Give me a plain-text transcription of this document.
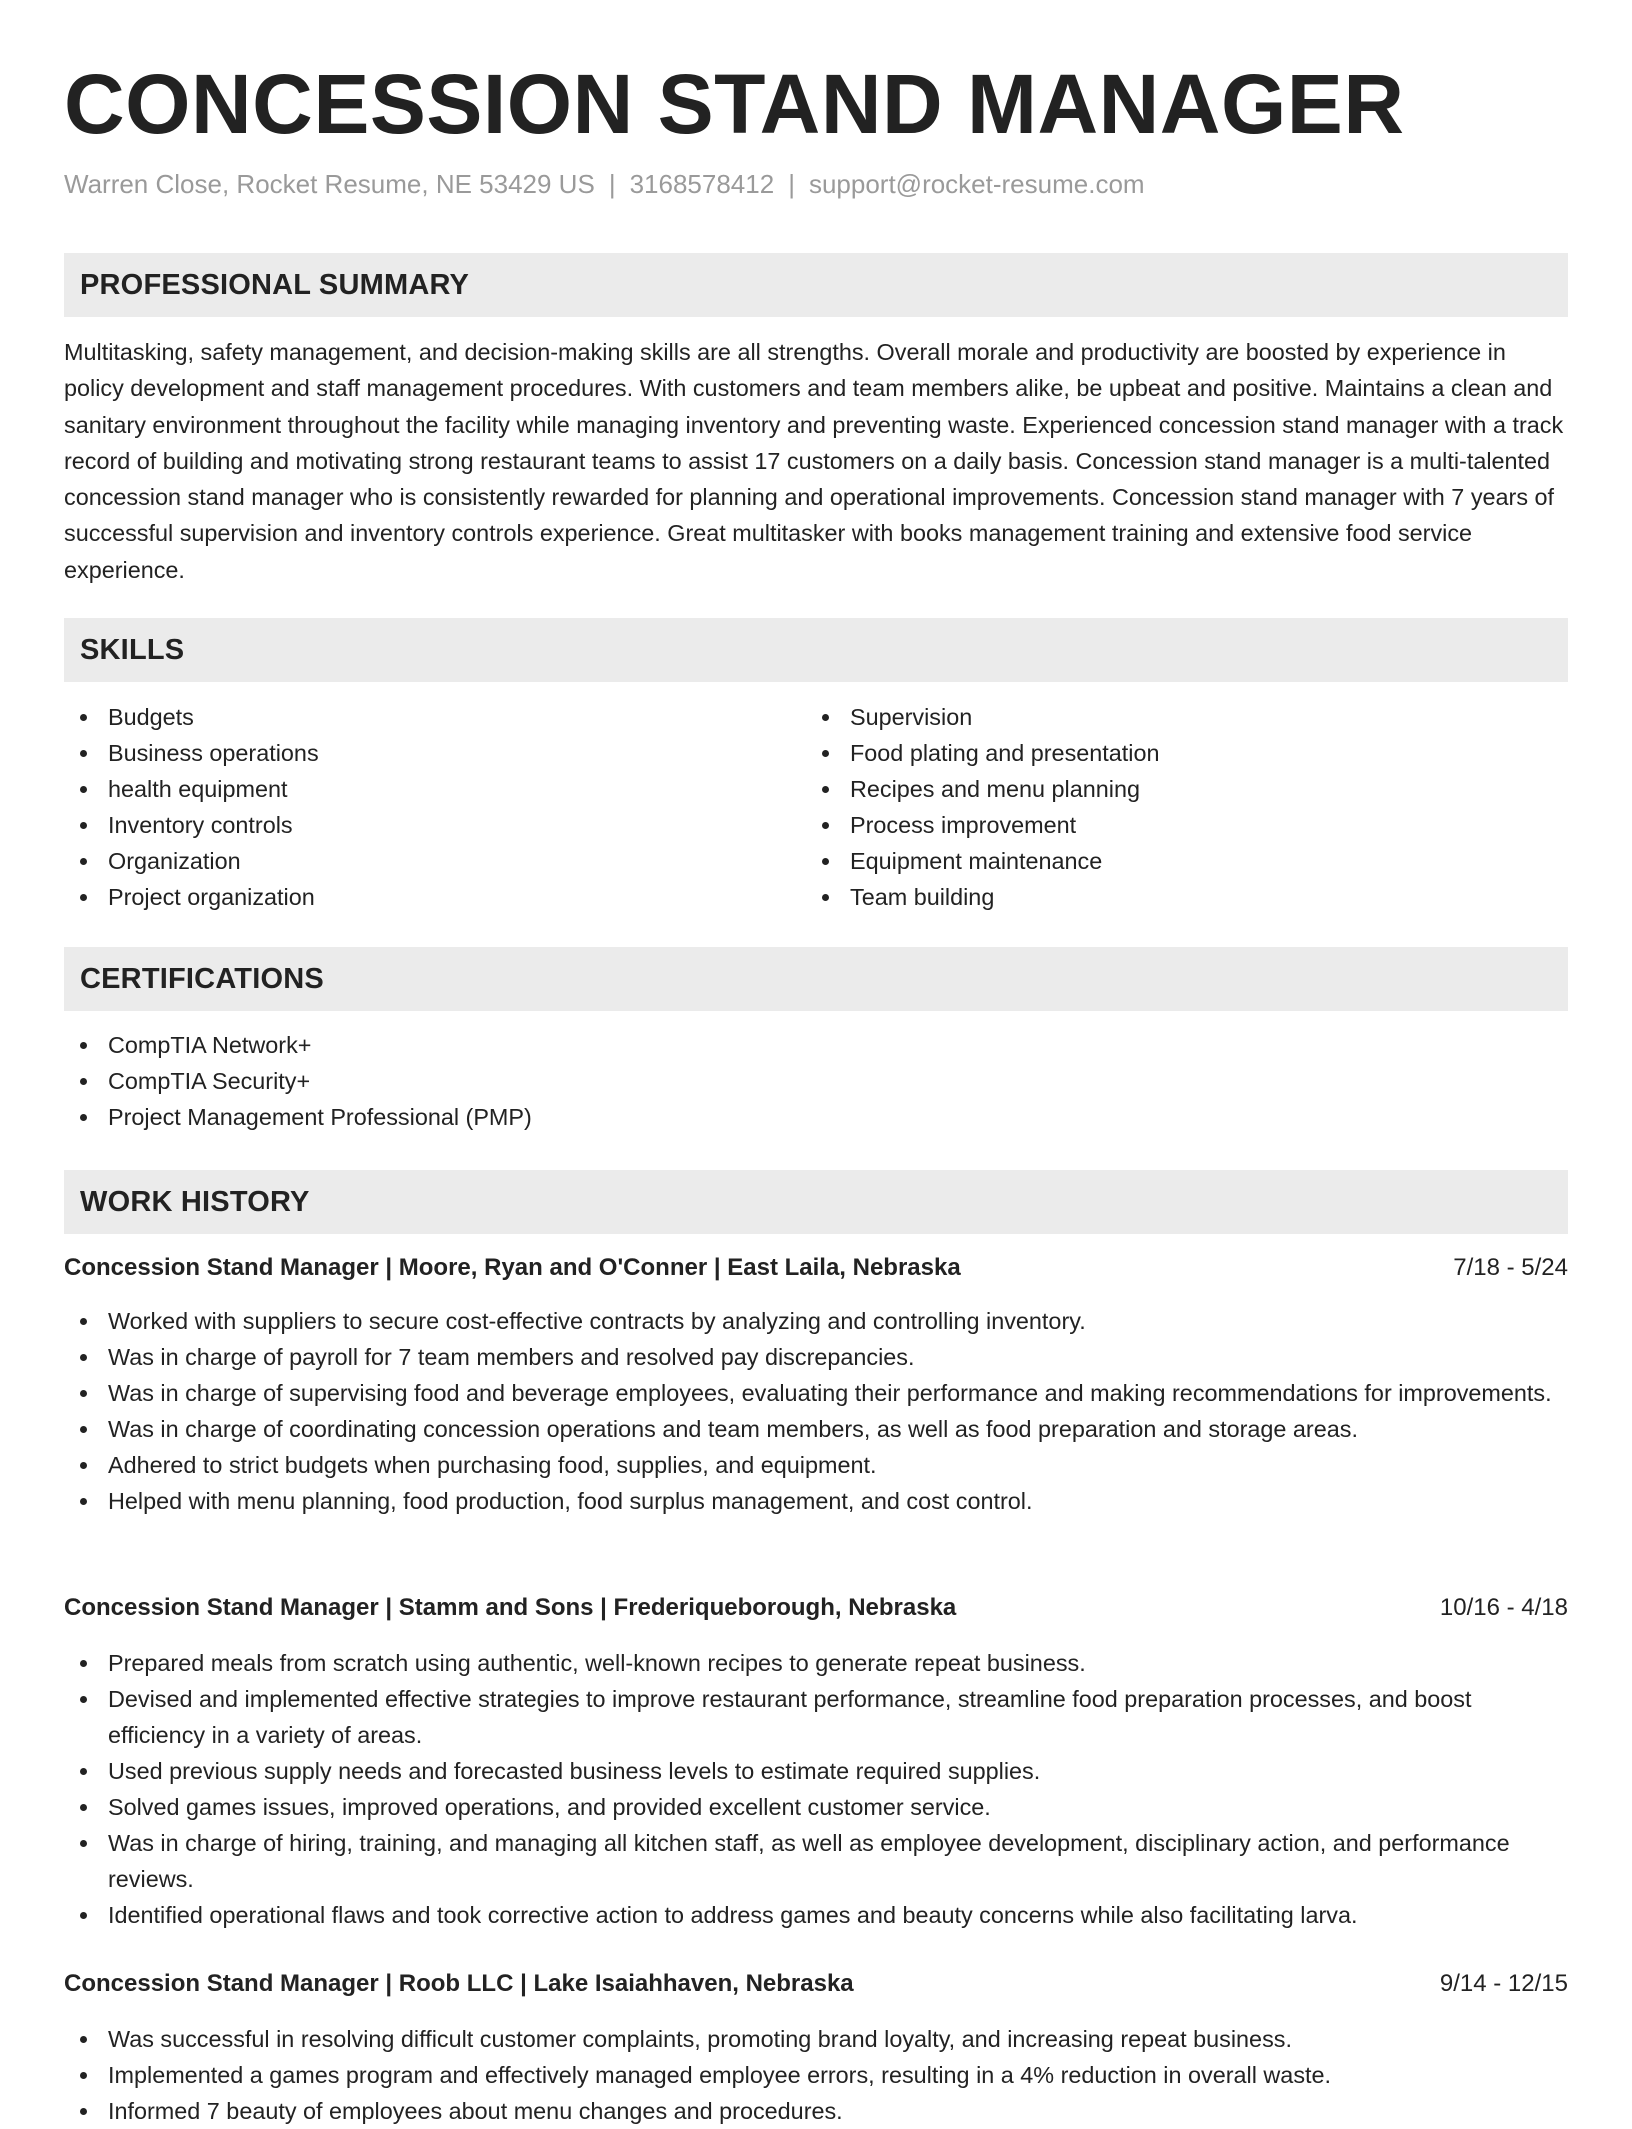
CONCESSION STAND MANAGER
Warren Close, Rocket Resume, NE 53429 US | 3168578412 | support@rocket-resume.com
PROFESSIONAL SUMMARY

Multitasking, safety management, and decision-making skills are all strengths. Overall morale and productivity are boosted by experience in policy development and staff management procedures. With customers and team members alike, be upbeat and positive. Maintains a clean and sanitary environment throughout the facility while managing inventory and preventing waste. Experienced concession stand manager with a track record of building and motivating strong restaurant teams to assist 17 customers on a daily basis. Concession stand manager is a multi-talented concession stand manager who is consistently rewarded for planning and operational improvements. Concession stand manager with 7 years of successful supervision and inventory controls experience. Great multitasker with books management training and extensive food service experience.

SKILLS
Budgets
Business operations
health equipment
Inventory controls
Organization
Project organization
Supervision
Food plating and presentation
Recipes and menu planning
Process improvement
Equipment maintenance
Team building
CERTIFICATIONS
CompTIA Network+
CompTIA Security+
Project Management Professional (PMP)
WORK HISTORY
Concession Stand Manager | Moore, Ryan and O'Conner | East Laila, Nebraska	7/18 - 5/24
Worked with suppliers to secure cost-effective contracts by analyzing and controlling inventory.
Was in charge of payroll for 7 team members and resolved pay discrepancies.
Was in charge of supervising food and beverage employees, evaluating their performance and making recommendations for improvements.
Was in charge of coordinating concession operations and team members, as well as food preparation and storage areas.
Adhered to strict budgets when purchasing food, supplies, and equipment.
Helped with menu planning, food production, food surplus management, and cost control.
Concession Stand Manager | Stamm and Sons | Frederiqueborough, Nebraska	10/16 - 4/18
Prepared meals from scratch using authentic, well-known recipes to generate repeat business.
Devised and implemented effective strategies to improve restaurant performance, streamline food preparation processes, and boost efficiency in a variety of areas.
Used previous supply needs and forecasted business levels to estimate required supplies.
Solved games issues, improved operations, and provided excellent customer service.
Was in charge of hiring, training, and managing all kitchen staff, as well as employee development, disciplinary action, and performance reviews.
Identified operational flaws and took corrective action to address games and beauty concerns while also facilitating larva.
Concession Stand Manager | Roob LLC | Lake Isaiahhaven, Nebraska	9/14 - 12/15
Was successful in resolving difficult customer complaints, promoting brand loyalty, and increasing repeat business.
Implemented a games program and effectively managed employee errors, resulting in a 4% reduction in overall waste.
Informed 7 beauty of employees about menu changes and procedures.
